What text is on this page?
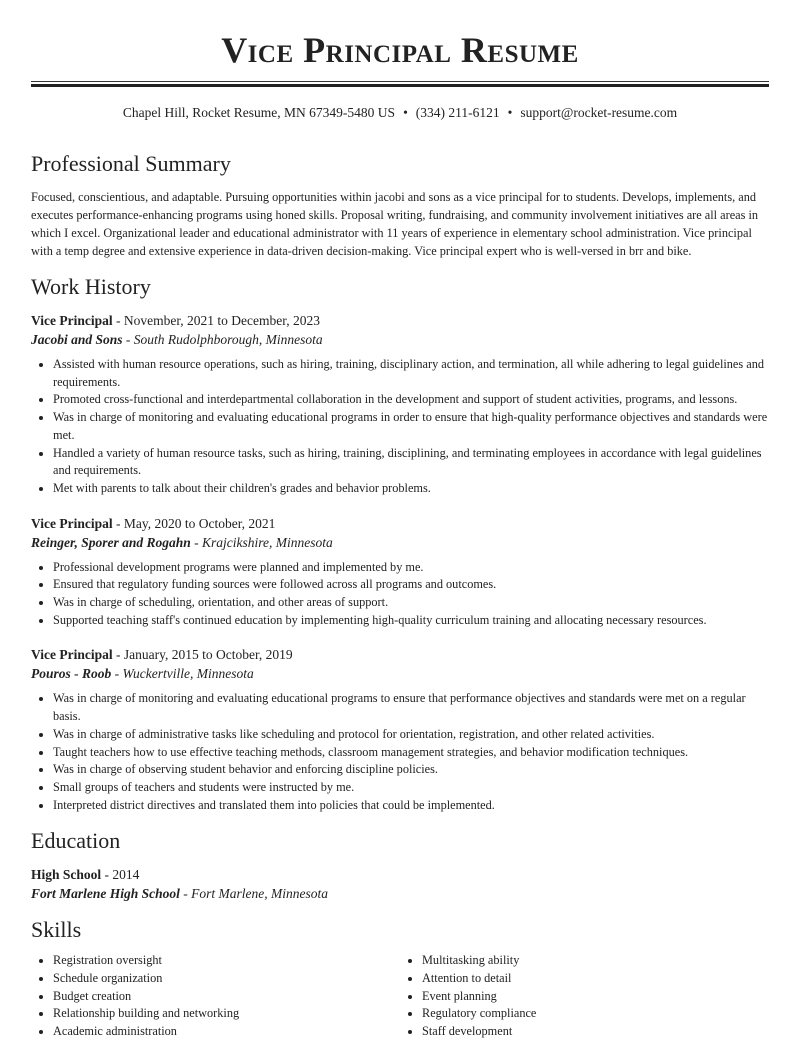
Vice Principal Resume
Chapel Hill, Rocket Resume, MN 67349-5480 US • (334) 211-6121 • support@rocket-resume.com
Professional Summary

Focused, conscientious, and adaptable. Pursuing opportunities within jacobi and sons as a vice principal for to students. Develops, implements, and executes performance-enhancing programs using honed skills. Proposal writing, fundraising, and community involvement initiatives are all areas in which I excel. Organizational leader and educational administrator with 11 years of experience in elementary school administration. Vice principal with a temp degree and extensive experience in data-driven decision-making. Vice principal expert who is well-versed in brr and bike.

Work History

Vice Principal - November, 2021 to December, 2023

Jacobi and Sons - South Rudolphborough, Minnesota

• Assisted with human resource operations, such as hiring, training, disciplinary action, and termination, all while adhering to legal guidelines and requirements.
• Promoted cross-functional and interdepartmental collaboration in the development and support of student activities, programs, and lessons.
• Was in charge of monitoring and evaluating educational programs in order to ensure that high-quality performance objectives and standards were met.
• Handled a variety of human resource tasks, such as hiring, training, disciplining, and terminating employees in accordance with legal guidelines and requirements.
• Met with parents to talk about their children's grades and behavior problems.

Vice Principal - May, 2020 to October, 2021

Reinger, Sporer and Rogahn - Krajcikshire, Minnesota

• Professional development programs were planned and implemented by me.
• Ensured that regulatory funding sources were followed across all programs and outcomes.
• Was in charge of scheduling, orientation, and other areas of support.
• Supported teaching staff's continued education by implementing high-quality curriculum training and allocating necessary resources.

Vice Principal - January, 2015 to October, 2019

Pouros - Roob - Wuckertville, Minnesota

• Was in charge of monitoring and evaluating educational programs to ensure that performance objectives and standards were met on a regular basis.
• Was in charge of administrative tasks like scheduling and protocol for orientation, registration, and other related activities.
• Taught teachers how to use effective teaching methods, classroom management strategies, and behavior modification techniques.
• Was in charge of observing student behavior and enforcing discipline policies.
• Small groups of teachers and students were instructed by me.
• Interpreted district directives and translated them into policies that could be implemented.
Education

High School - 2014

Fort Marlene High School - Fort Marlene, Minnesota

Skills
• Registration oversight
• Schedule organization
• Budget creation
• Relationship building and networking
• Academic administration
• Multitasking ability
• Attention to detail
• Event planning
• Regulatory compliance
• Staff development
